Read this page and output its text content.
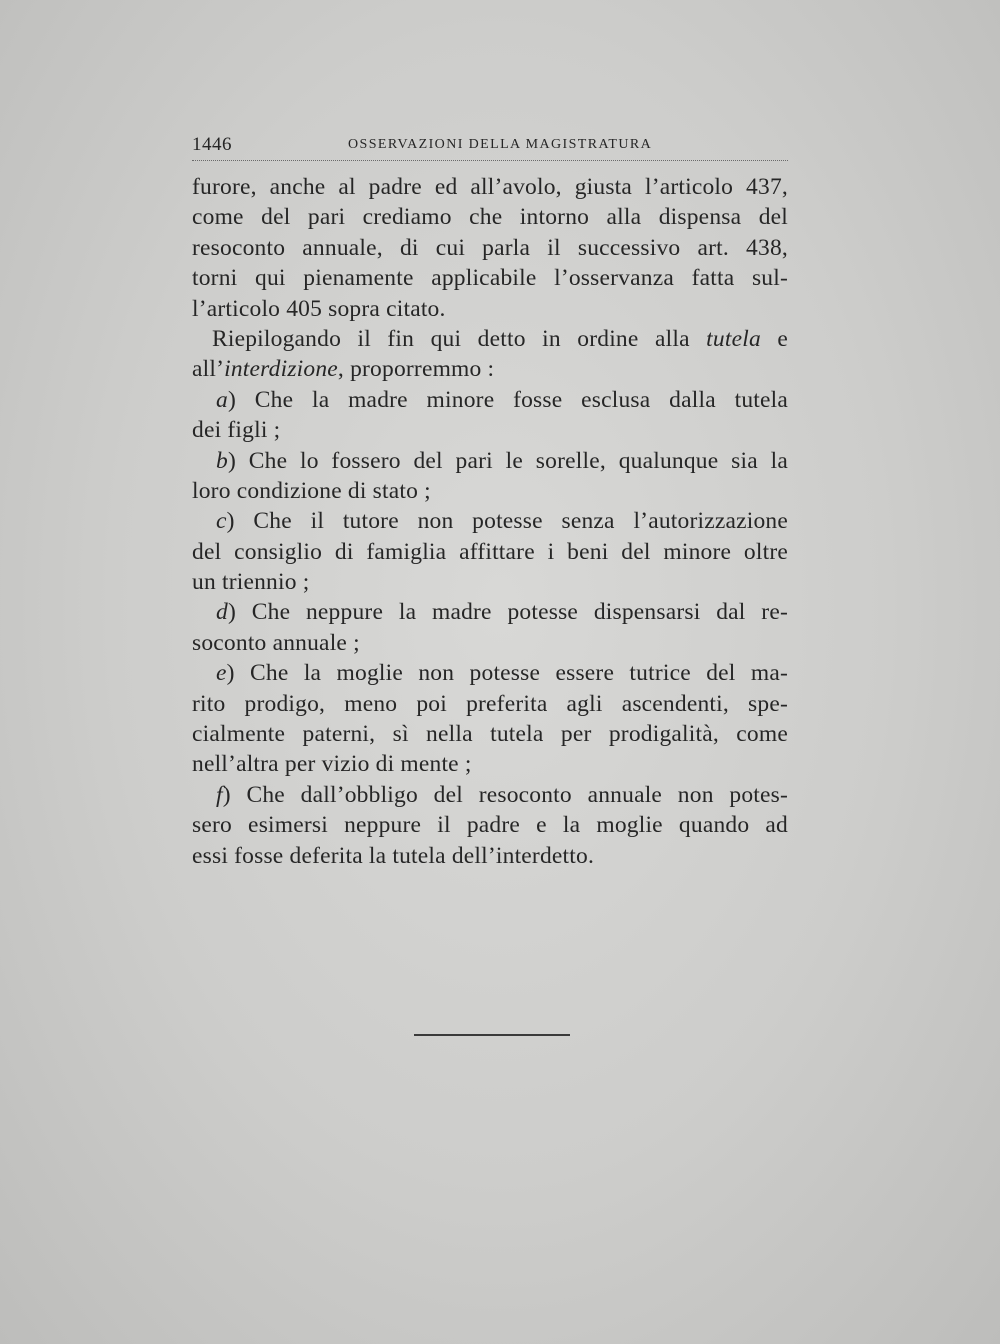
1446	OSSERVAZIONI DELLA MAGISTRATURA
furore, anche al padre ed all’avolo, giusta l’articolo 437,
come del pari crediamo che intorno alla dispensa del
resoconto annuale, di cui parla il successivo art. 438,
torni qui pienamente applicabile l’osservanza fatta sul-
l’articolo 405 sopra citato.
Riepilogando il fin qui detto in ordine alla tutela e
all’interdizione, proporremmo :
a) Che la madre minore fosse esclusa dalla tutela
dei figli ;
b) Che lo fossero del pari le sorelle, qualunque sia la
loro condizione di stato ;
c) Che il tutore non potesse senza l’autorizzazione
del consiglio di famiglia affittare i beni del minore oltre
un triennio ;
d) Che neppure la madre potesse dispensarsi dal re-
soconto annuale ;
e) Che la moglie non potesse essere tutrice del ma-
rito prodigo, meno poi preferita agli ascendenti, spe-
cialmente paterni, sì nella tutela per prodigalità, come
nell’altra per vizio di mente ;
f) Che dall’obbligo del resoconto annuale non potes-
sero esimersi neppure il padre e la moglie quando ad
essi fosse deferita la tutela dell’interdetto.
